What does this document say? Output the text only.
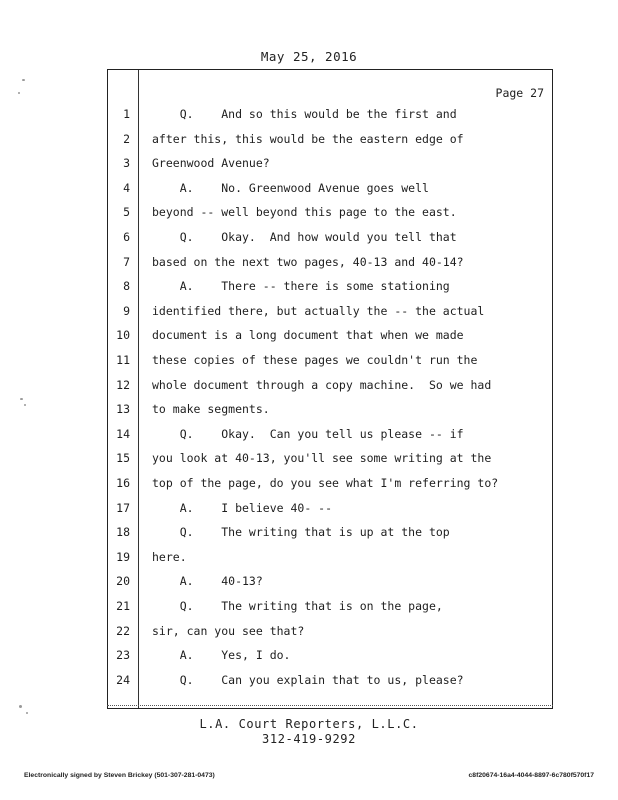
May 25, 2016
Page 27
1 Q.    And so this would be the first and
2 after this, this would be the eastern edge of
3 Greenwood Avenue?
4 A.    No. Greenwood Avenue goes well
5 beyond -- well beyond this page to the east.
6 Q.    Okay.  And how would you tell that
7 based on the next two pages, 40-13 and 40-14?
8 A.    There -- there is some stationing
9 identified there, but actually the -- the actual
10 document is a long document that when we made
11 these copies of these pages we couldn't run the
12 whole document through a copy machine.  So we had
13 to make segments.
14 Q.    Okay.  Can you tell us please -- if
15 you look at 40-13, you'll see some writing at the
16 top of the page, do you see what I'm referring to?
17 A.    I believe 40- --
18 Q.    The writing that is up at the top
19 here.
20 A.    40-13?
21 Q.    The writing that is on the page,
22 sir, can you see that?
23 A.    Yes, I do.
24 Q.    Can you explain that to us, please?
L.A. Court Reporters, L.L.C.
312-419-9292
Electronically signed by Steven Brickey (501-307-281-0473)	c8f20674-16a4-4044-8897-6c780f570f17
